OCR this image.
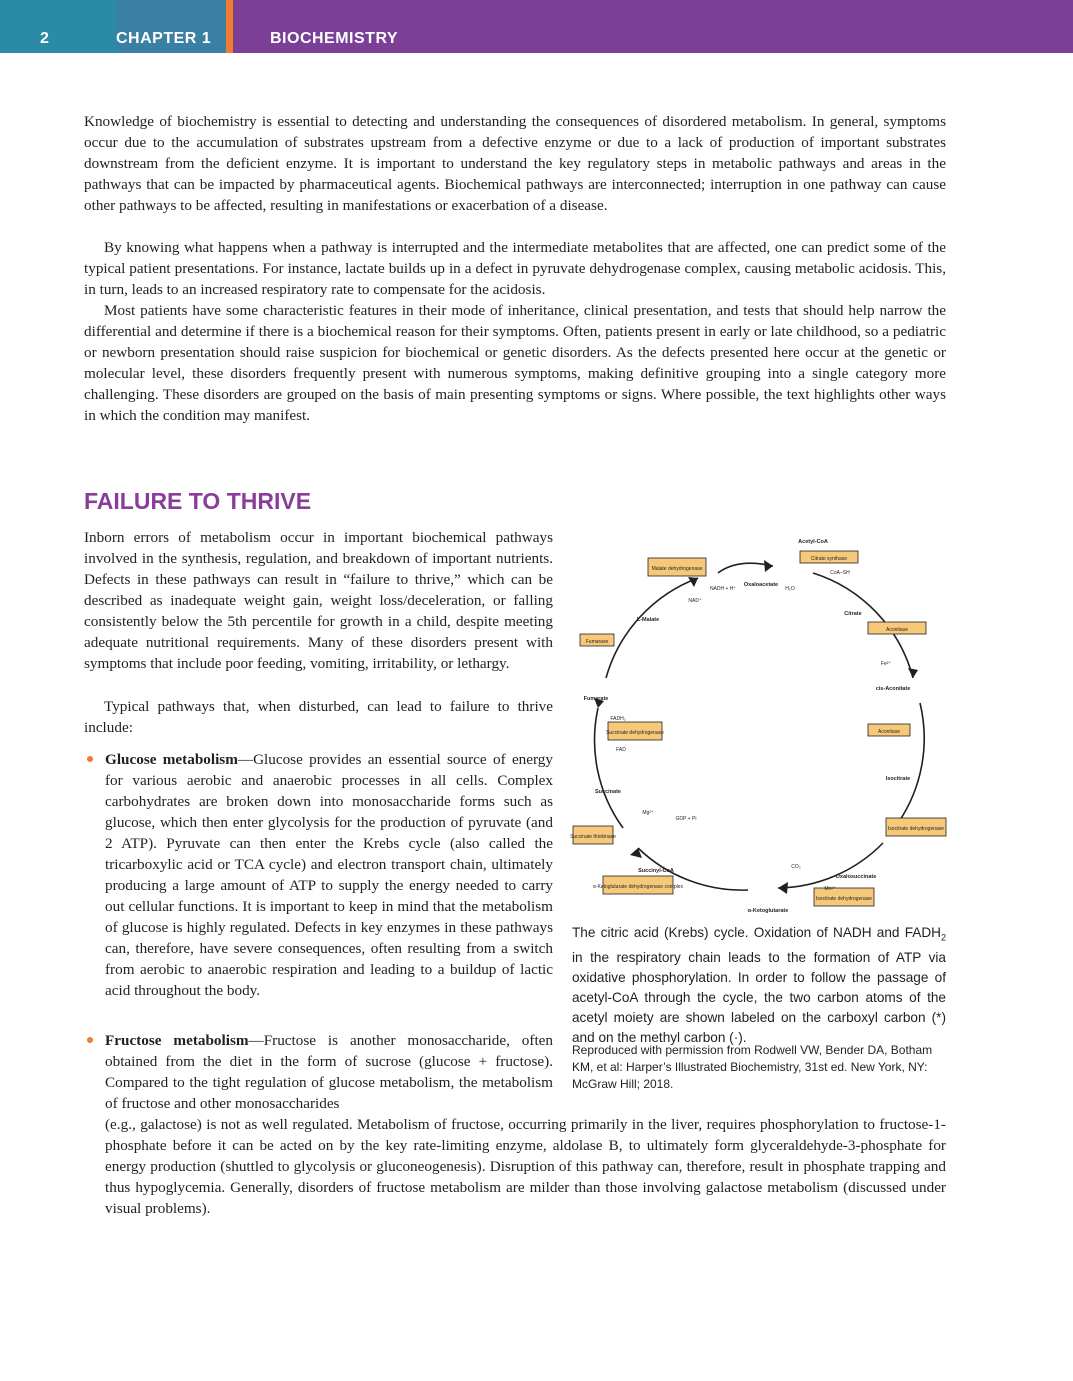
2	CHAPTER 1	BIOCHEMISTRY

Knowledge of biochemistry is essential to detecting and understanding the consequences of disordered metabolism. In general, symptoms occur due to the accumulation of substrates upstream from a defective enzyme or due to a lack of production of important substrates downstream from the deficient enzyme. It is important to understand the key regulatory steps in metabolic pathways and areas in the pathways that can be impacted by pharmaceutical agents. Biochemical pathways are interconnected; interruption in one pathway can cause other pathways to be affected, resulting in manifestations or exacerbation of a disease.

By knowing what happens when a pathway is interrupted and the intermediate metabolites that are affected, one can predict some of the typical patient presentations. For instance, lactate builds up in a defect in pyruvate dehydrogenase complex, causing metabolic acidosis. This, in turn, leads to an increased respiratory rate to compensate for the acidosis.

Most patients have some characteristic features in their mode of inheritance, clinical presentation, and tests that should help narrow the differential and determine if there is a biochemical reason for their symptoms. Often, patients present in early or late childhood, so a pediatric or newborn presentation should raise suspicion for biochemical or genetic disorders. As the defects presented here occur at the genetic or molecular level, these disorders frequently present with numerous symptoms, making definitive grouping into a single category more challenging. These disorders are grouped on the basis of main presenting symptoms or signs. Where possible, the text highlights other ways in which the condition may manifest.

FAILURE TO THRIVE

Inborn errors of metabolism occur in important biochemical pathways involved in the synthesis, regulation, and breakdown of important nutrients. Defects in these pathways can result in “failure to thrive,” which can be described as inadequate weight gain, weight loss/deceleration, or falling consistently below the 5th percentile for growth in a child, despite meeting adequate nutritional requirements. Many of these disorders present with symptoms that include poor feeding, vomiting, irritability, or lethargy.

Typical pathways that, when disturbed, can lead to failure to thrive include:

Glucose metabolism—Glucose provides an essential source of energy for various aerobic and anaerobic processes in all cells. Complex carbohydrates are broken down into monosaccharide forms such as glucose, which then enter glycolysis for the production of pyruvate (and 2 ATP). Pyruvate can then enter the Krebs cycle (also called the tricarboxylic acid or TCA cycle) and electron transport chain, ultimately producing a large amount of ATP to supply the energy needed to carry out cellular functions. It is important to keep in mind that the metabolism of glucose is highly regulated. Defects in key enzymes in these pathways can, therefore, have severe consequences, often resulting from a switch from aerobic to anaerobic respiration and leading to a buildup of lactic acid throughout the body.

Fructose metabolism—Fructose is another monosaccharide, often obtained from the diet in the form of sucrose (glucose + fructose). Compared to the tight regulation of glucose metabolism, the metabolism of fructose and other monosaccharides

(e.g., galactose) is not as well regulated. Metabolism of fructose, occurring primarily in the liver, requires phosphorylation to fructose-1-phosphate before it can be acted on by the key rate-limiting enzyme, aldolase B, to ultimately form glyceraldehyde-3-phosphate for energy production (shuttled to glycolysis or gluconeogenesis). Disruption of this pathway can, therefore, result in phosphate trapping and thus hypoglycemia. Generally, disorders of fructose metabolism are milder than those involving galactose metabolism (discussed under visual problems).

Malate dehydrogenase
Citrate synthase
Aconitase
Aconitase
Isocitrate dehydrogenase
Isocitrate dehydrogenase
α-Ketoglutarate dehydrogenase complex
Succinate thiokinase
Succinate dehydrogenase
Fumarase
Acetyl-CoA
Citrate
cis-Aconitate
Isocitrate
Oxalosuccinate
α-Ketoglutarate
Succinyl-CoA
Succinate
Fumarate
L-Malate
Oxaloacetate
NAD⁺
NADH + H⁺	H₂O
CoA–SH
FAD
FADH₂
GDP + Pi
CO₂
Mg²⁺
Fe²⁺
Mn²⁺

The citric acid (Krebs) cycle. Oxidation of NADH and $FADH_2$ in the respiratory chain leads to the formation of ATP via oxidative phosphorylation. In order to follow the passage of acetyl-CoA through the cycle, the two carbon atoms of the acetyl moiety are shown labeled on the carboxyl carbon (*) and on the methyl carbon (·).

Reproduced with permission from Rodwell VW, Bender DA, Botham KM, et al: Harper’s Illustrated Biochemistry, 31st ed. New York, NY: McGraw Hill; 2018.
